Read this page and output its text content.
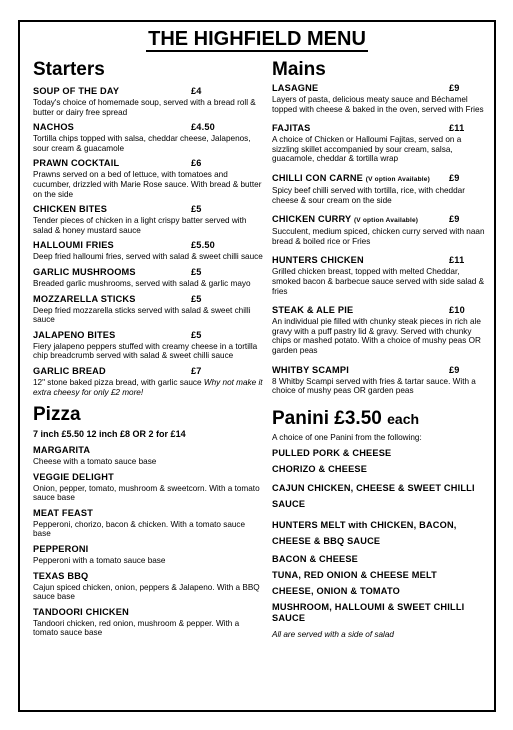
THE HIGHFIELD MENU
Starters
SOUP OF THE DAY	£4
Today's choice of homemade soup, served with a bread roll & butter or dairy free spread
NACHOS	£4.50
Tortilla chips topped with salsa, cheddar cheese, Jalapenos, sour cream & guacamole
PRAWN COCKTAIL	£6
Prawns served on a bed of lettuce, with tomatoes and cucumber, drizzled with Marie Rose sauce. With bread & butter on the side
CHICKEN BITES	£5
Tender pieces of chicken in a light crispy batter served with salad & honey mustard sauce
HALLOUMI FRIES	£5.50
Deep fried halloumi fries, served with salad & sweet chilli sauce
GARLIC MUSHROOMS	£5
Breaded garlic mushrooms, served with salad & garlic mayo
MOZZARELLA STICKS	£5
Deep fried mozzarella sticks served with salad & sweet chilli sauce
JALAPENO BITES	£5
Fiery jalapeno peppers stuffed with creamy cheese in a tortilla chip breadcrumb served with salad & sweet chilli sauce
GARLIC BREAD	£7
12" stone baked pizza bread, with garlic sauce Why not make it extra cheesy for only £2 more!
Pizza
7 inch £5.50 12 inch £8 OR 2 for £14
MARGARITA
Cheese with a tomato sauce base
VEGGIE DELIGHT
Onion, pepper, tomato, mushroom & sweetcorn. With a tomato sauce base
MEAT FEAST
Pepperoni, chorizo, bacon & chicken. With a tomato sauce base
PEPPERONI
Pepperoni with a tomato sauce base
TEXAS BBQ
Cajun spiced chicken, onion, peppers & Jalapeno. With a BBQ sauce base
TANDOORI CHICKEN
Tandoori chicken, red onion, mushroom & pepper. With a tomato sauce base
Mains
LASAGNE	£9
Layers of pasta, delicious meaty sauce and Béchamel topped with cheese & baked in the oven, served with Fries
FAJITAS	£11
A choice of Chicken or Halloumi Fajitas, served on a sizzling skillet accompanied by sour cream, salsa, guacamole, cheddar & tortilla wrap
CHILLI CON CARNE (V option Available) £9
Spicy beef chilli served with tortilla, rice, with cheddar cheese & sour cream on the side
CHICKEN CURRY (V option Available)	£9
Succulent, medium spiced, chicken curry served with naan bread & boiled rice or Fries
HUNTERS CHICKEN	£11
Grilled chicken breast, topped with melted Cheddar, smoked bacon & barbecue sauce served with side salad & fries
STEAK & ALE PIE	£10
An individual pie filled with chunky steak pieces in rich ale gravy with a puff pastry lid & gravy. Served with chunky chips or mashed potato. With a choice of mushy peas OR garden peas
WHITBY SCAMPI	£9
8 Whitby Scampi served with fries & tartar sauce. With a choice of mushy peas OR garden peas
Panini £3.50 each
A choice of one Panini from the following:
PULLED PORK & CHEESE
CHORIZO & CHEESE
CAJUN CHICKEN, CHEESE & SWEET CHILLI SAUCE
HUNTERS MELT with CHICKEN, BACON, CHEESE & BBQ SAUCE
BACON & CHEESE
TUNA, RED ONION & CHEESE MELT
CHEESE, ONION & TOMATO
MUSHROOM, HALLOUMI & SWEET CHILLI SAUCE
All are served with a side of salad
